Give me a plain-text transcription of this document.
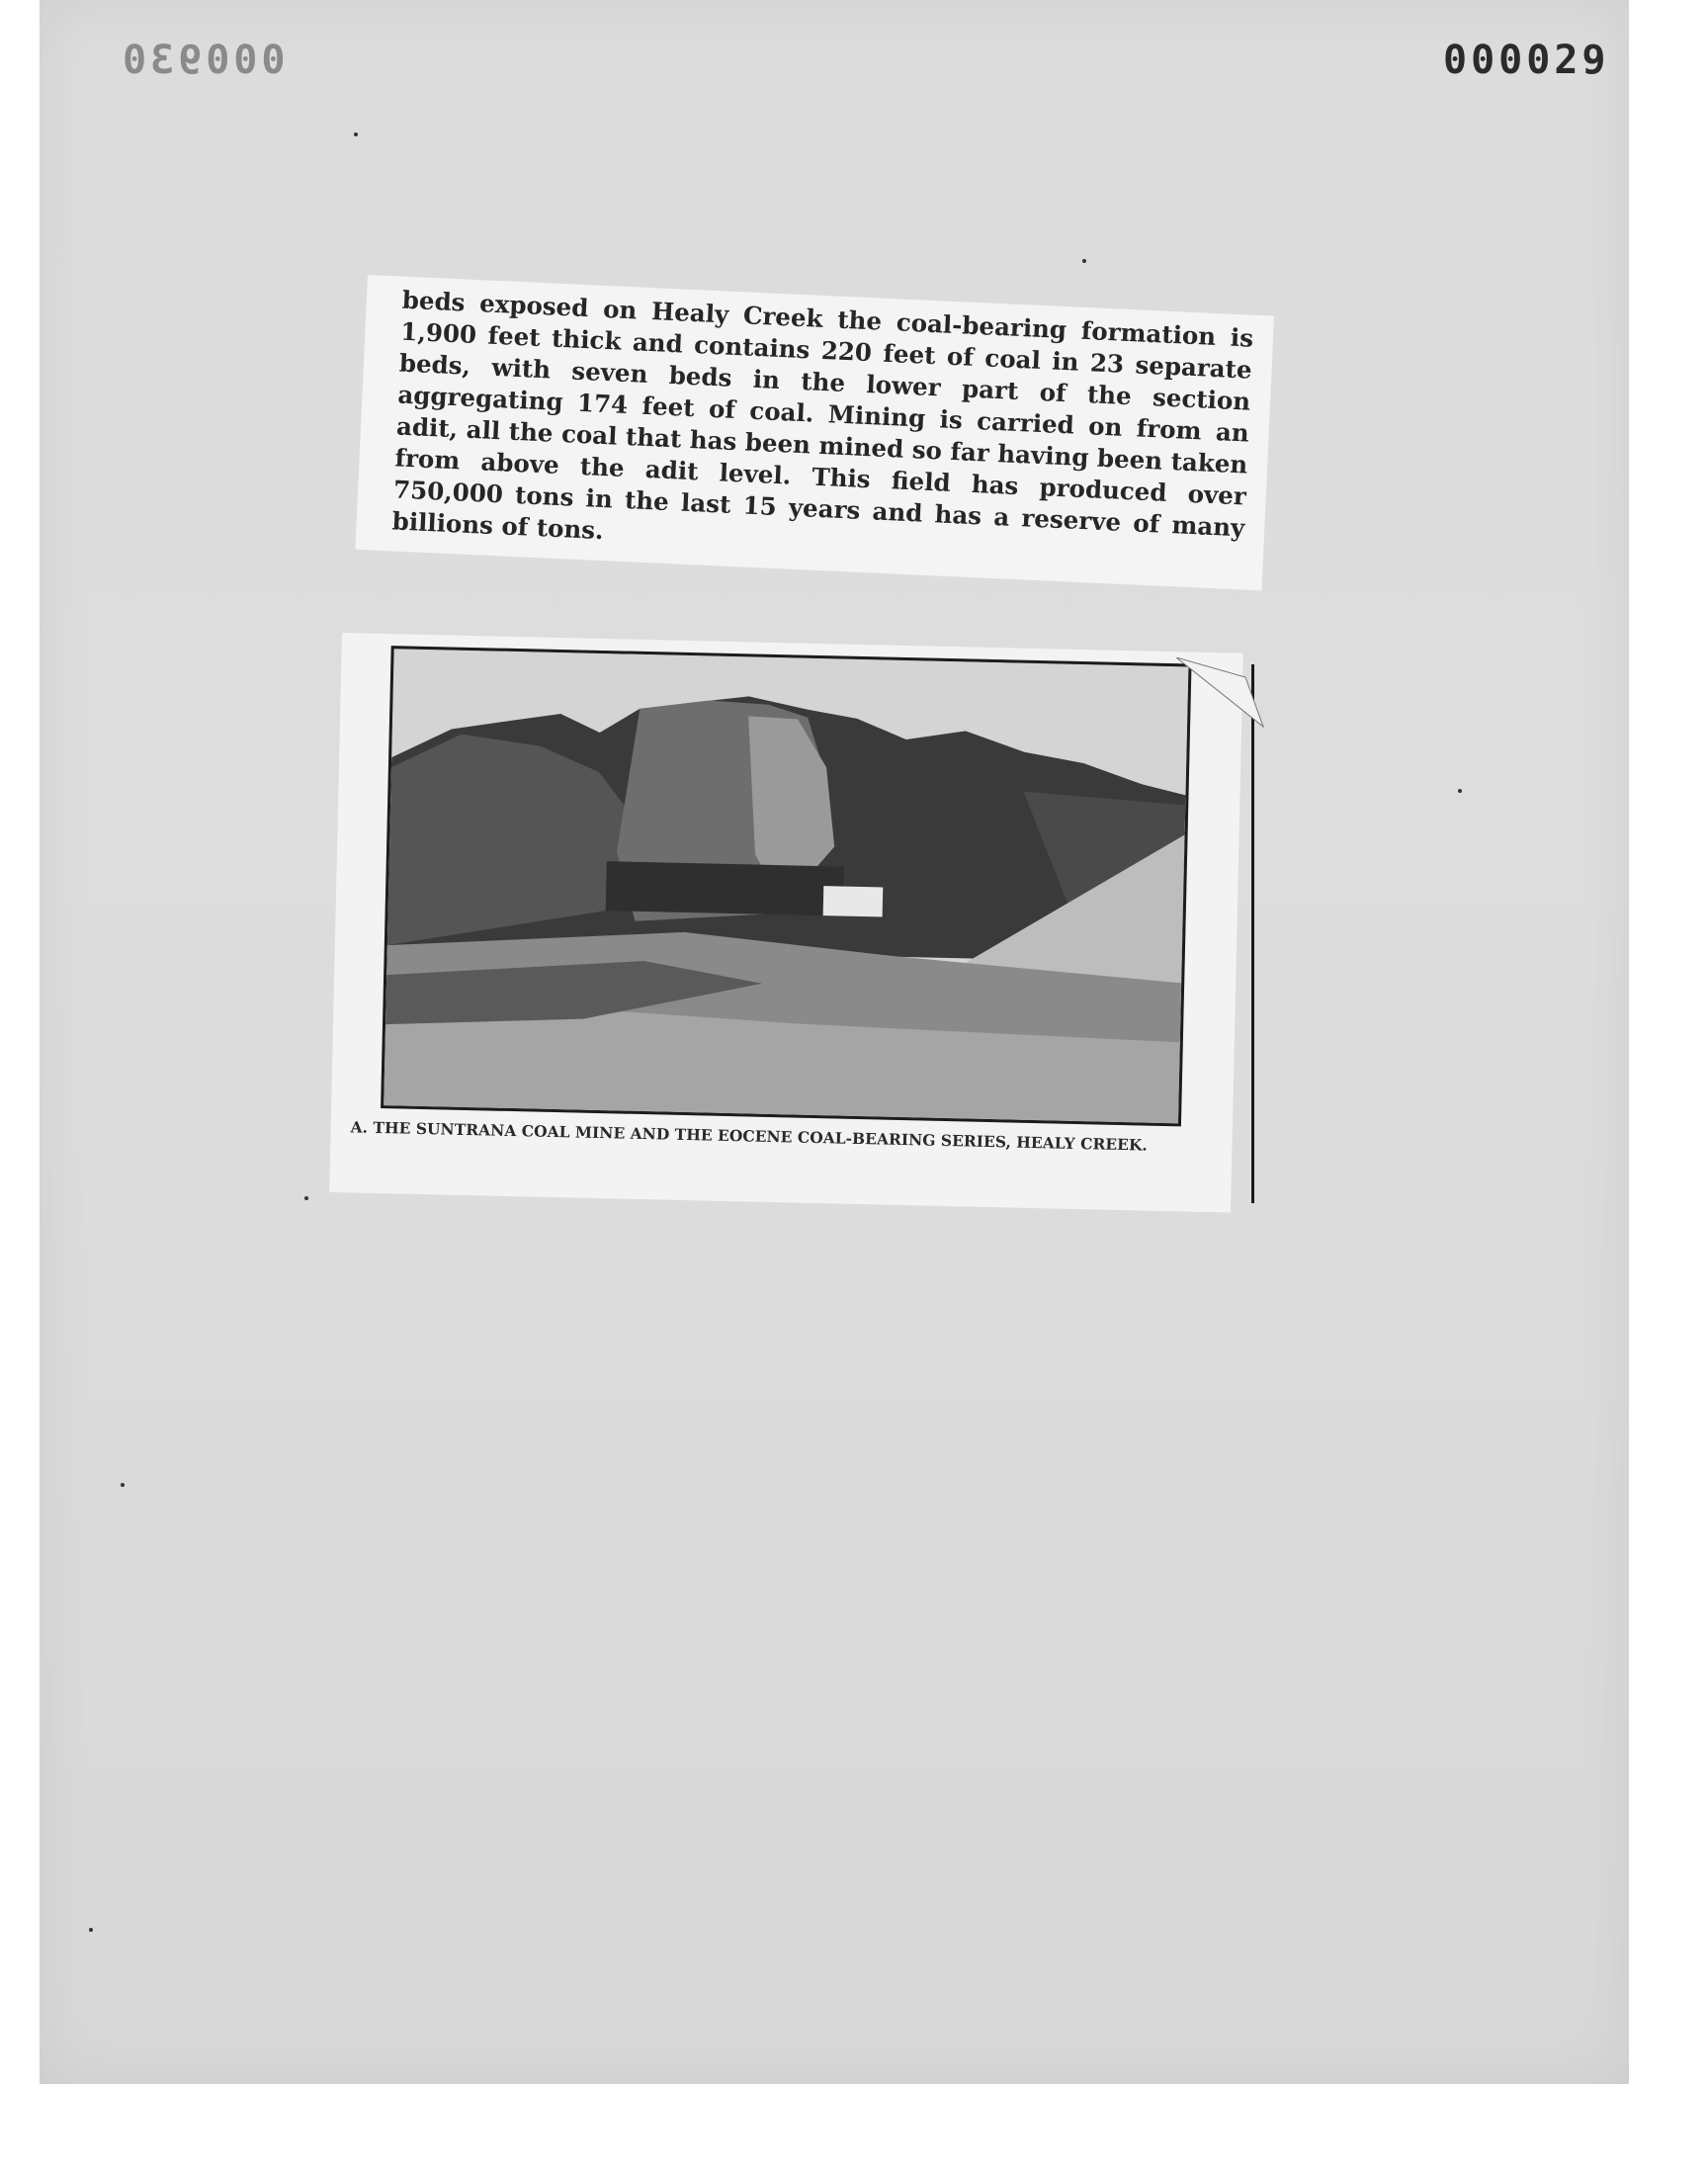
000930	000029

beds exposed on Healy Creek the coal-bearing formation is 1,900 feet thick and contains 220 feet of coal in 23 separate beds, with seven beds in the lower part of the section aggregating 174 feet of coal. Mining is carried on from an adit, all the coal that has been mined so far having been taken from above the adit level. This field has produced over 750,000 tons in the last 15 years and has a reserve of many billions of tons.

A. THE SUNTRANA COAL MINE AND THE EOCENE COAL-BEARING SERIES, HEALY CREEK.
